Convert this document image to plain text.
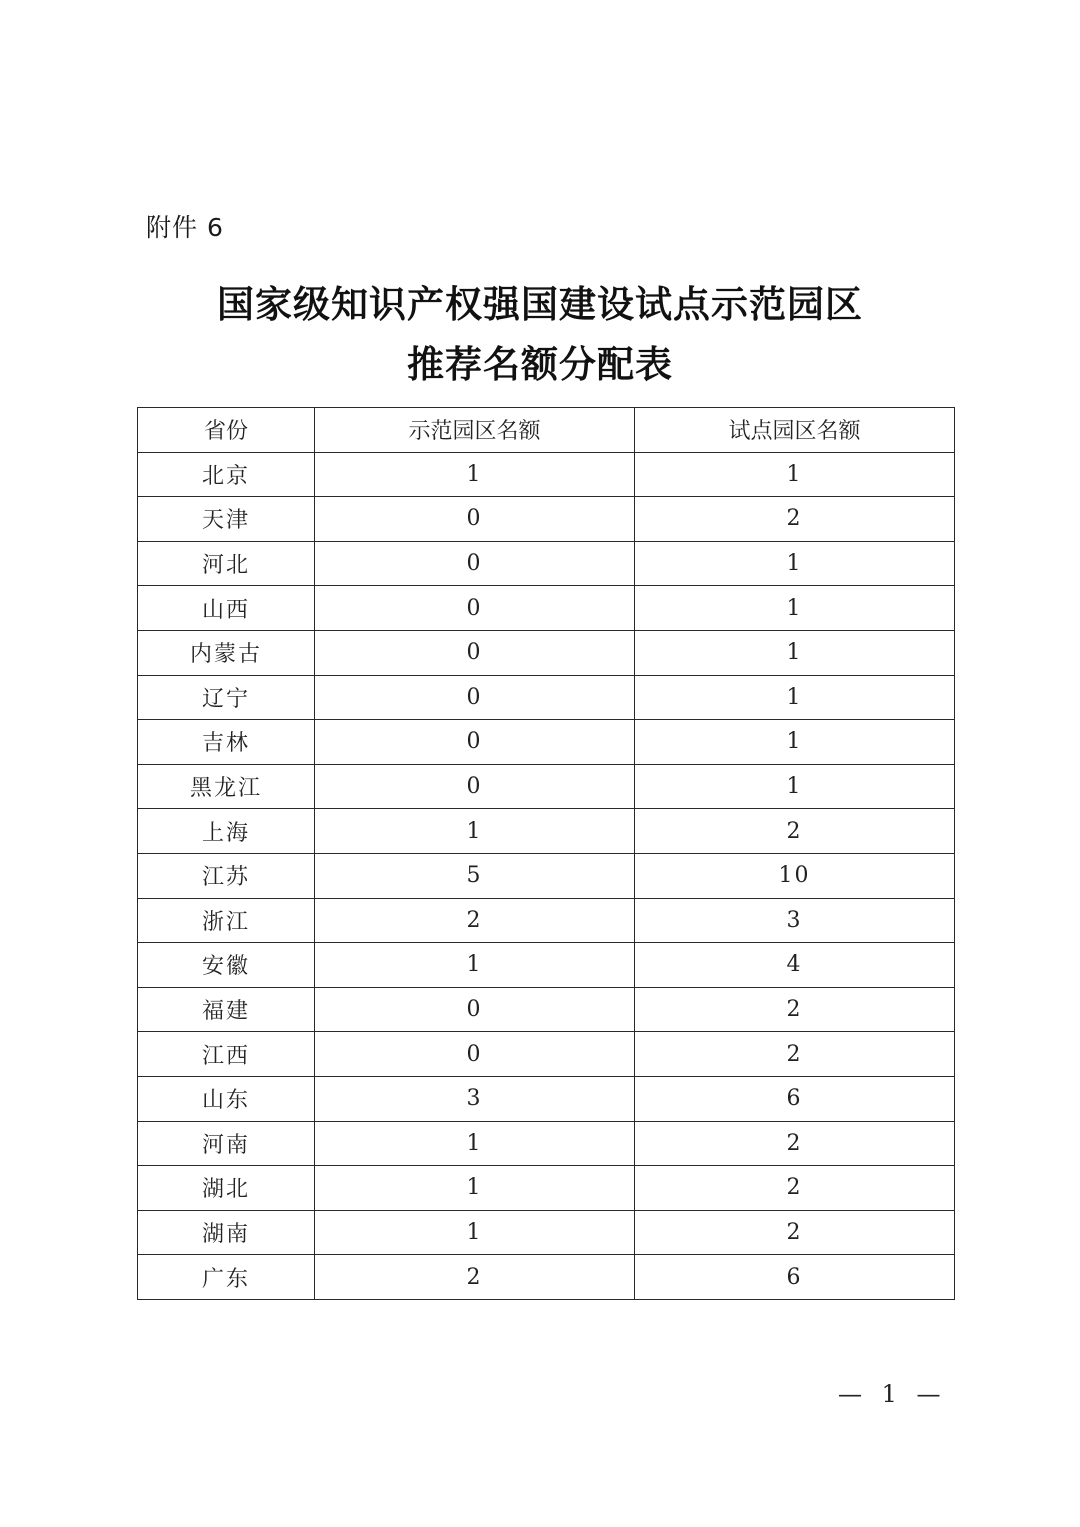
附件 6
国家级知识产权强国建设试点示范园区
推荐名额分配表
省份	示范园区名额	试点园区名额
北京	1	1
天津	0	2
河北	0	1
山西	0	1
内蒙古	0	1
辽宁	0	1
吉林	0	1
黑龙江	0	1
上海	1	2
江苏	5	10
浙江	2	3
安徽	1	4
福建	0	2
江西	0	2
山东	3	6
河南	1	2
湖北	1	2
湖南	1	2
广东	2	6
— 1 —
